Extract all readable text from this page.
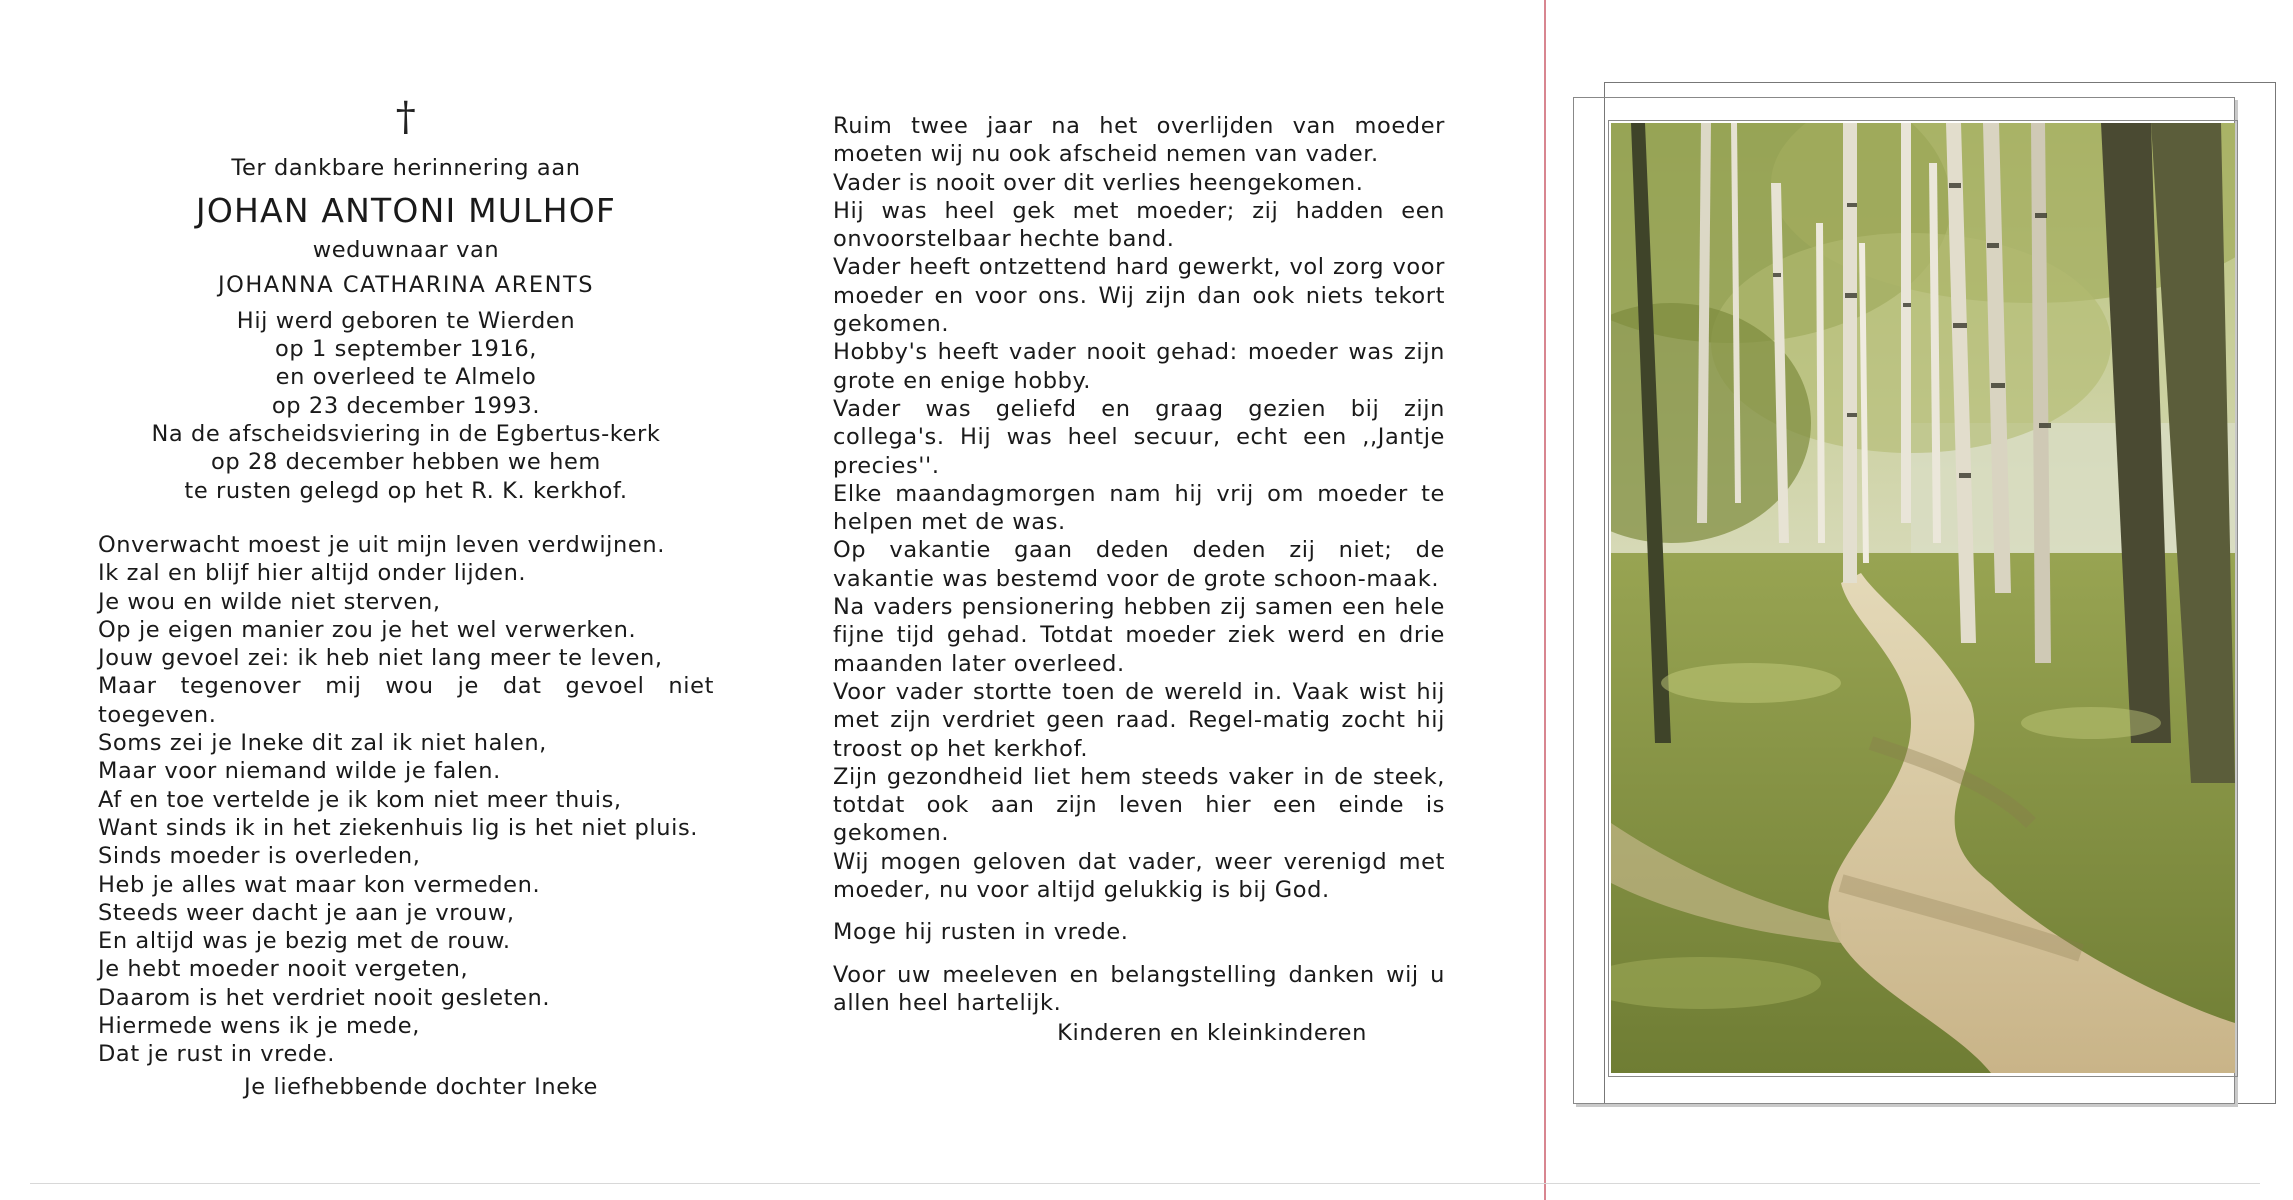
†
Ter dankbare herinnering aan
JOHAN ANTONI MULHOF
weduwnaar van
JOHANNA CATHARINA ARENTS
Hij werd geboren te Wierden
op 1 september 1916,
en overleed te Almelo
op 23 december 1993.
Na de afscheidsviering in de Egbertus-kerk
op 28 december hebben we hem
te rusten gelegd op het R. K. kerkhof.
Onverwacht moest je uit mijn leven verdwijnen.
Ik zal en blijf hier altijd onder lijden.
Je wou en wilde niet sterven,
Op je eigen manier zou je het wel verwerken.
Jouw gevoel zei: ik heb niet lang meer te leven,
Maar tegenover mij wou je dat gevoel niet toegeven.
Soms zei je Ineke dit zal ik niet halen,
Maar voor niemand wilde je falen.
Af en toe vertelde je ik kom niet meer thuis,
Want sinds ik in het ziekenhuis lig is het niet pluis.
Sinds moeder is overleden,
Heb je alles wat maar kon vermeden.
Steeds weer dacht je aan je vrouw,
En altijd was je bezig met de rouw.
Je hebt moeder nooit vergeten,
Daarom is het verdriet nooit gesleten.
Hiermede wens ik je mede,
Dat je rust in vrede.
Je liefhebbende dochter Ineke
Ruim twee jaar na het overlijden van moeder moeten wij nu ook afscheid nemen van vader.
Vader is nooit over dit verlies heengekomen.
Hij was heel gek met moeder; zij hadden een onvoorstelbaar hechte band.
Vader heeft ontzettend hard gewerkt, vol zorg voor moeder en voor ons. Wij zijn dan ook niets tekort gekomen.
Hobby's heeft vader nooit gehad: moeder was zijn grote en enige hobby.
Vader was geliefd en graag gezien bij zijn collega's. Hij was heel secuur, echt een ,,Jantje precies''.
Elke maandagmorgen nam hij vrij om moeder te helpen met de was.
Op vakantie gaan deden deden zij niet; de vakantie was bestemd voor de grote schoon-maak.
Na vaders pensionering hebben zij samen een hele fijne tijd gehad. Totdat moeder ziek werd en drie maanden later overleed.
Voor vader stortte toen de wereld in. Vaak wist hij met zijn verdriet geen raad. Regel-matig zocht hij troost op het kerkhof.
Zijn gezondheid liet hem steeds vaker in de steek, totdat ook aan zijn leven hier een einde is gekomen.
Wij mogen geloven dat vader, weer verenigd met moeder, nu voor altijd gelukkig is bij God.
Moge hij rusten in vrede.
Voor uw meeleven en belangstelling danken wij u allen heel hartelijk.
Kinderen en kleinkinderen
